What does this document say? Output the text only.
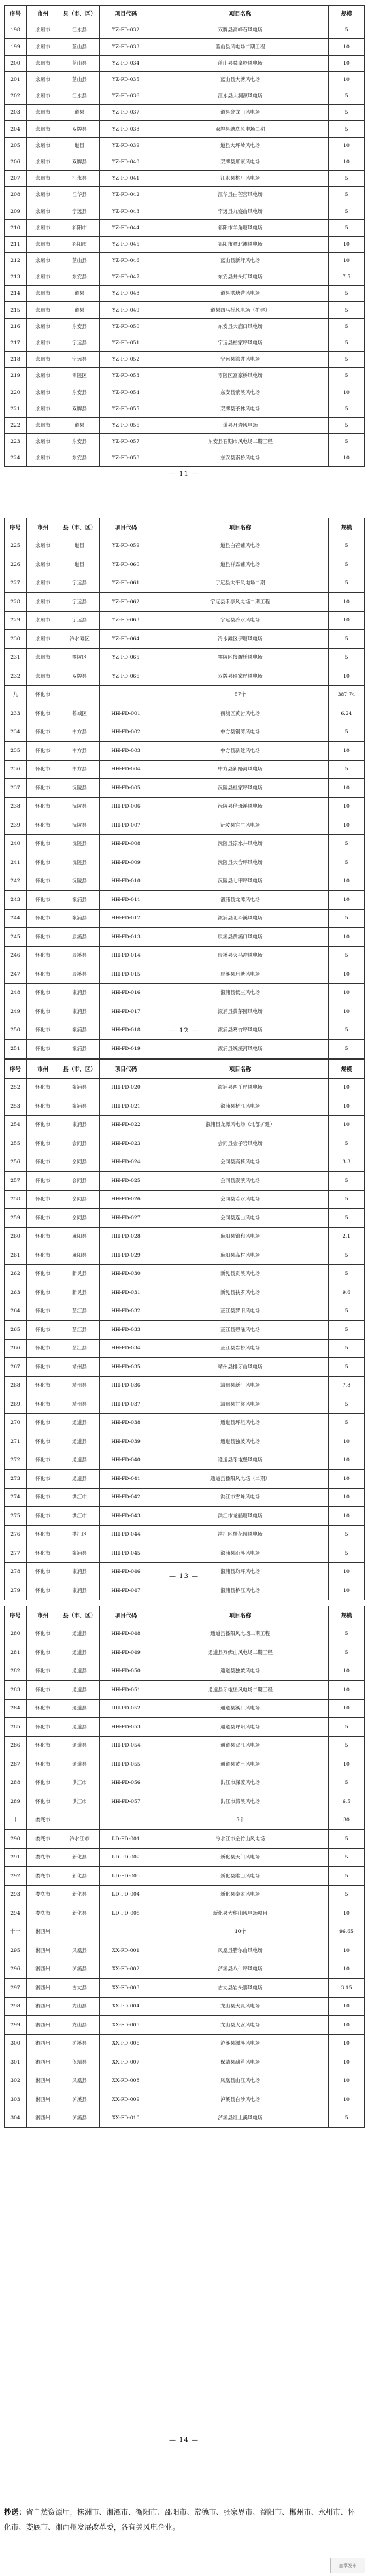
序号	市州	县（市、区）	项目代码	项目名称	规模
198	永州市	江永县	YZ-FD-032	双牌县高峰石风电场	5
199	永州市	蓝山县	YZ-FD-033	蓝山县风电场二期工程	10
200	永州市	蓝山县	YZ-FD-034	蓝山县舜皇岭风电场	10
201	永州市	蓝山县	YZ-FD-035	蓝山县大塘风电场	10
202	永州市	江永县	YZ-FD-036	江永县大洞源风电场	5
203	永州市	道县	YZ-FD-037	道县金龙山风电场	5
204	永州市	双牌县	YZ-FD-038	双牌县塘底风电场二期	5
205	永州市	道县	YZ-FD-039	道县大坪岭风电场	10
206	永州市	双牌县	YZ-FD-040	双牌县唐家风电场	10
207	永州市	江永县	YZ-FD-041	江永县桃川风电场	5
208	永州市	江华县	YZ-FD-042	江华县白芒营风电场	5
209	永州市	宁远县	YZ-FD-043	宁远县九嶷山风电场	5
210	永州市	祁阳市	YZ-FD-044	祁阳市羊角塘风电场	5
211	永州市	祁阳市	YZ-FD-045	祁阳市晒北滩风电场	10
212	永州市	蓝山县	YZ-FD-046	蓝山县新圩风电场	10
213	永州市	东安县	YZ-FD-047	东安县井头圩风电场	7.5
214	永州市	道县	YZ-FD-048	道县洪塘营风电场	5
215	永州市	道县	YZ-FD-049	道县四马桥风电场（扩建）	5
216	永州市	东安县	YZ-FD-050	东安县大庙口风电场	5
217	永州市	宁远县	YZ-FD-051	宁远县柏家坪风电场	5
218	永州市	宁远县	YZ-FD-052	宁远县湾井风电场	5
219	永州市	零陵区	YZ-FD-053	零陵区富家桥风电场	5
220	永州市	东安县	YZ-FD-054	东安县紫溪风电场	10
221	永州市	双牌县	YZ-FD-055	双牌县茶林风电场	5
222	永州市	道县	YZ-FD-056	道县月岩风电场	5
223	永州市	东安县	YZ-FD-057	东安县石期市风电场二期工程	5
224	永州市	东安县	YZ-FD-058	东安县南桥风电场	10
— 11 —
序号	市州	县（市、区）	项目代码	项目名称	规模
225	永州市	道县	YZ-FD-059	道县白芒铺风电场	5
226	永州市	道县	YZ-FD-060	道县祥霖铺风电场	5
227	永州市	宁远县	YZ-FD-061	宁远县太平风电场二期	5
228	永州市	宁远县	YZ-FD-062	宁远县禾亭风电场二期工程	10
229	永州市	宁远县	YZ-FD-063	宁远县冷水风电场	10
230	永州市	冷水滩区	YZ-FD-064	冷水滩区伊塘风电场	5
231	永州市	零陵区	YZ-FD-065	零陵区接履桥风电场	5
232	永州市	双牌县	YZ-FD-066	双牌县理家坪风电场	10
九	怀化市			57个	387.74
233	怀化市	鹤城区	HH-FD-001	鹤城区黄岩风电场	6.24
234	怀化市	中方县	HH-FD-002	中方县铜湾风电场	5
235	怀化市	中方县	HH-FD-003	中方县新建风电场	10
236	怀化市	中方县	HH-FD-004	中方县新路河风电场	5
237	怀化市	沅陵县	HH-FD-005	沅陵县杜家坪风电场	10
238	怀化市	沅陵县	HH-FD-006	沅陵县借母溪风电场	10
239	怀化市	沅陵县	HH-FD-007	沅陵县官庄风电场	10
240	怀化市	沅陵县	HH-FD-008	沅陵县凉水井风电场	5
241	怀化市	沅陵县	HH-FD-009	沅陵县大合坪风电场	5
242	怀化市	沅陵县	HH-FD-010	沅陵县七甲坪风电场	10
243	怀化市	溆浦县	HH-FD-011	溆浦县龙潭风电场	10
244	怀化市	溆浦县	HH-FD-012	溆浦县北斗溪风电场	5
245	怀化市	辰溪县	HH-FD-013	辰溪县黄溪口风电场	10
246	怀化市	辰溪县	HH-FD-014	辰溪县火马冲风电场	5
247	怀化市	辰溪县	HH-FD-015	辰溪县后塘风电场	10
248	怀化市	溆浦县	HH-FD-016	溆浦县低庄风电场	10
249	怀化市	溆浦县	HH-FD-017	溆浦县黄茅园风电场	10
250	怀化市	溆浦县	HH-FD-018	溆浦县葛竹坪风电场	5
251	怀化市	溆浦县	HH-FD-019	溆浦县统溪河风电场	5
— 12 —
序号	市州	县（市、区）	项目代码	项目名称	规模
252	怀化市	溆浦县	HH-FD-020	溆浦县两丫坪风电场	10
253	怀化市	溆浦县	HH-FD-021	溆浦县桥江风电场	10
254	怀化市	溆浦县	HH-FD-022	溆浦县龙潭风电场（北部扩建）	10
255	怀化市	会同县	HH-FD-023	会同县金子岩风电场	5
256	怀化市	会同县	HH-FD-024	会同县高椅风电场	3.3
257	怀化市	会同县	HH-FD-025	会同县漠滨风电场	5
258	怀化市	会同县	HH-FD-026	会同县若水风电场	5
259	怀化市	会同县	HH-FD-027	会同县连山风电场	5
260	怀化市	麻阳县	HH-FD-028	麻阳县锦和风电场	2.1
261	怀化市	麻阳县	HH-FD-029	麻阳县高村风电场	5
262	怀化市	新晃县	HH-FD-030	新晃县贡溪风电场	5
263	怀化市	新晃县	HH-FD-031	新晃县扶罗风电场	9.6
264	怀化市	芷江县	HH-FD-032	芷江县罗旧风电场	5
265	怀化市	芷江县	HH-FD-033	芷江县碧涌风电场	5
266	怀化市	芷江县	HH-FD-034	芷江县岩桥风电场	5
267	怀化市	靖州县	HH-FD-035	靖州县排牙山风电场	5
268	怀化市	靖州县	HH-FD-036	靖州县新厂风电场	7.8
269	怀化市	靖州县	HH-FD-037	靖州县甘棠风电场	5
270	怀化市	通道县	HH-FD-038	通道县坪坦风电场	5
271	怀化市	通道县	HH-FD-039	通道县独坡风电场	10
272	怀化市	通道县	HH-FD-040	通道县牙屯堡风电场	10
273	怀化市	通道县	HH-FD-041	通道县播阳风电场（二期）	10
274	怀化市	洪江市	HH-FD-042	洪江市雪峰风电场	10
275	怀化市	洪江市	HH-FD-043	洪江市龙船塘风电场	10
276	怀化市	洪江区	HH-FD-044	洪江区桂花园风电场	5
277	怀化市	溆浦县	HH-FD-045	溆浦县沿溪风电场	5
278	怀化市	溆浦县	HH-FD-046	溆浦县均坪风电场	10
279	怀化市	溆浦县	HH-FD-047	溆浦县桥江风电场	10
— 13 —
序号	市州	县（市、区）	项目代码	项目名称	规模
280	怀化市	通道县	HH-FD-048	通道县播阳风电场二期工程	5
281	怀化市	通道县	HH-FD-049	通道县万佛山风电场二期工程	5
282	怀化市	通道县	HH-FD-050	通道县独坡风电场	10
283	怀化市	通道县	HH-FD-051	通道县牙屯堡风电场二期工程	10
284	怀化市	通道县	HH-FD-052	通道县溪口风电场	10
285	怀化市	通道县	HH-FD-053	通道县坪阳风电场	5
286	怀化市	通道县	HH-FD-054	通道县双江风电场	5
287	怀化市	通道县	HH-FD-055	通道县黄土风电场	10
288	怀化市	洪江市	HH-FD-056	洪江市深渡风电场	5
289	怀化市	洪江市	HH-FD-057	洪江市湾溪风电场	6.5
十	娄底市			5个	30
290	娄底市	冷水江市	LD-FD-001	冷水江市金竹山风电场	5
291	娄底市	新化县	LD-FD-002	新化县天门风电场	5
292	娄底市	新化县	LD-FD-003	新化县维山风电场	5
293	娄底市	新化县	LD-FD-004	新化县奉家风电场	5
294	娄底市	新化县	LD-FD-005	新化县大熊山风电场项目	10
十一	湘西州			10个	96.65
295	湘西州	凤凰县	XX-FD-001	凤凰县腊尔山风电场	10
296	湘西州	泸溪县	XX-FD-002	泸溪县八什坪风电场	10
297	湘西州	古丈县	XX-FD-003	古丈县岩头寨风电场	3.15
298	湘西州	龙山县	XX-FD-004	龙山县大灵风电场	10
299	湘西州	龙山县	XX-FD-005	龙山县大安风电场	10
300	湘西州	泸溪县	XX-FD-006	泸溪县潭溪风电场	10
301	湘西州	保靖县	XX-FD-007	保靖县葫芦风电场	10
302	湘西州	凤凰县	XX-FD-008	凤凰县山江风电场	10
303	湘西州	泸溪县	XX-FD-009	泸溪县白沙风电场	10
304	湘西州	泸溪县	XX-FD-010	泸溪县红土溪风电场	5
— 14 —
抄送：省自然资源厅，株洲市、湘潭市、衡阳市、邵阳市、常德市、张家界市、益阳市、郴州市、永州市、怀化市、娄底市、湘西州发展改革委，各有关风电企业。
宜章发布
